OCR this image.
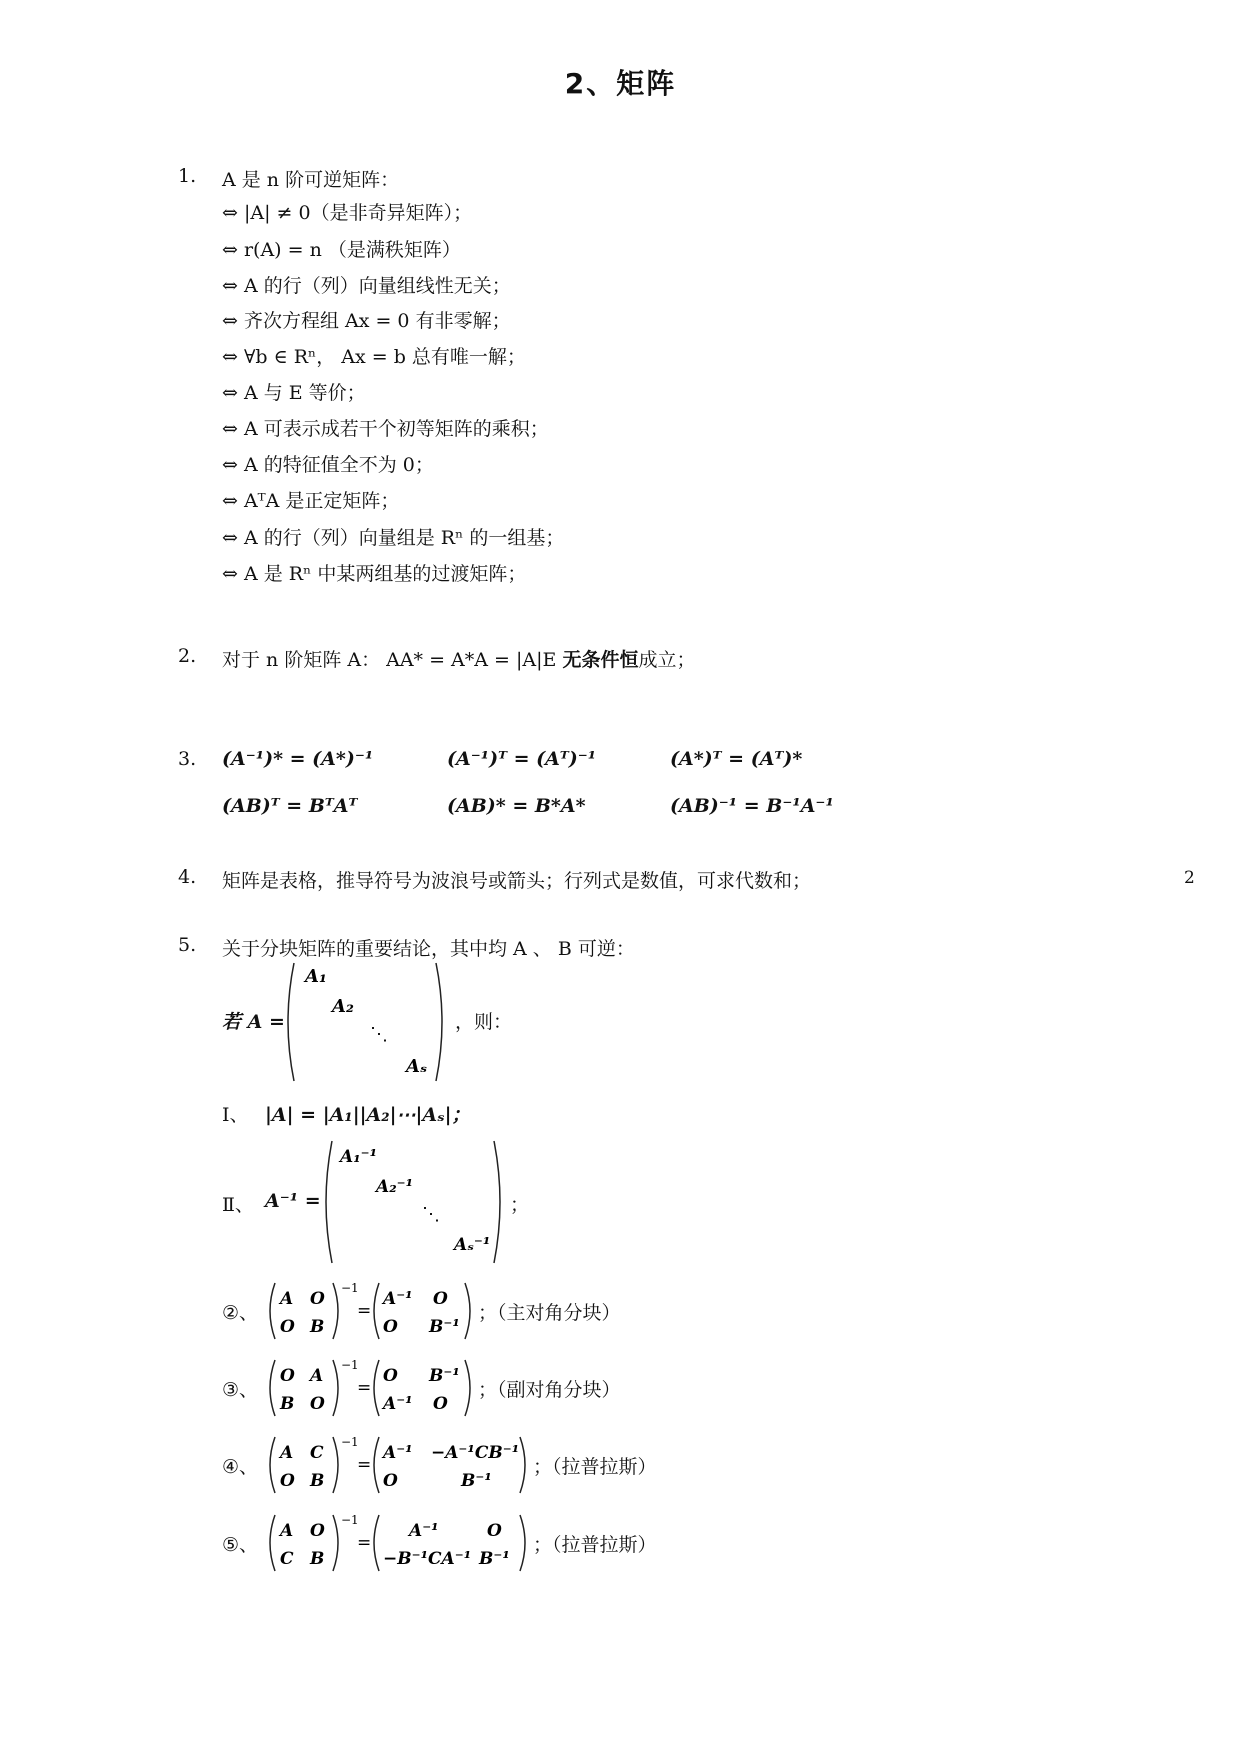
2、矩阵
2
1. A 是 n 阶可逆矩阵：
⇔ |A| ≠ 0（是非奇异矩阵）；
⇔ r(A) = n （是满秩矩阵）
⇔ A 的行（列）向量组线性无关；
⇔ 齐次方程组 Ax = 0 有非零解；
⇔ ∀b ∈ Rⁿ， Ax = b 总有唯一解；
⇔ A 与 E 等价；
⇔ A 可表示成若干个初等矩阵的乘积；
⇔ A 的特征值全不为 0；
⇔ AᵀA 是正定矩阵；
⇔ A 的行（列）向量组是 Rⁿ 的一组基；
⇔ A 是 Rⁿ 中某两组基的过渡矩阵；
2. 对于 n 阶矩阵 A： AA* = A*A = |A|E 无条件恒成立；
3. (A⁻¹)* = (A*)⁻¹	(A⁻¹)ᵀ = (Aᵀ)⁻¹	(A*)ᵀ = (Aᵀ)*
(AB)ᵀ = BᵀAᵀ	(AB)* = B*A*	(AB)⁻¹ = B⁻¹A⁻¹
4. 矩阵是表格，推导符号为波浪号或箭头；行列式是数值，可求代数和；
5. 关于分块矩阵的重要结论，其中均 A 、 B 可逆：
若 A =
A₁
A₂
⋱
Aₛ
，则：
Ⅰ、 |A| = |A₁||A₂|⋯|Aₛ|；
Ⅱ、 A⁻¹ =
A₁⁻¹
A₂⁻¹
⋱
Aₛ⁻¹
；
②、
A O
O B
−1
=
A⁻¹ O
O B⁻¹
；（主对角分块）
③、
O A
B O
−1
=
O B⁻¹
A⁻¹ O
；（副对角分块）
④、
A C
O B
−1
=
A⁻¹ −A⁻¹CB⁻¹
O	B⁻¹
；（拉普拉斯）
⑤、
A O
C B
−1
=
A⁻¹	O
−B⁻¹CA⁻¹ B⁻¹
；（拉普拉斯）
